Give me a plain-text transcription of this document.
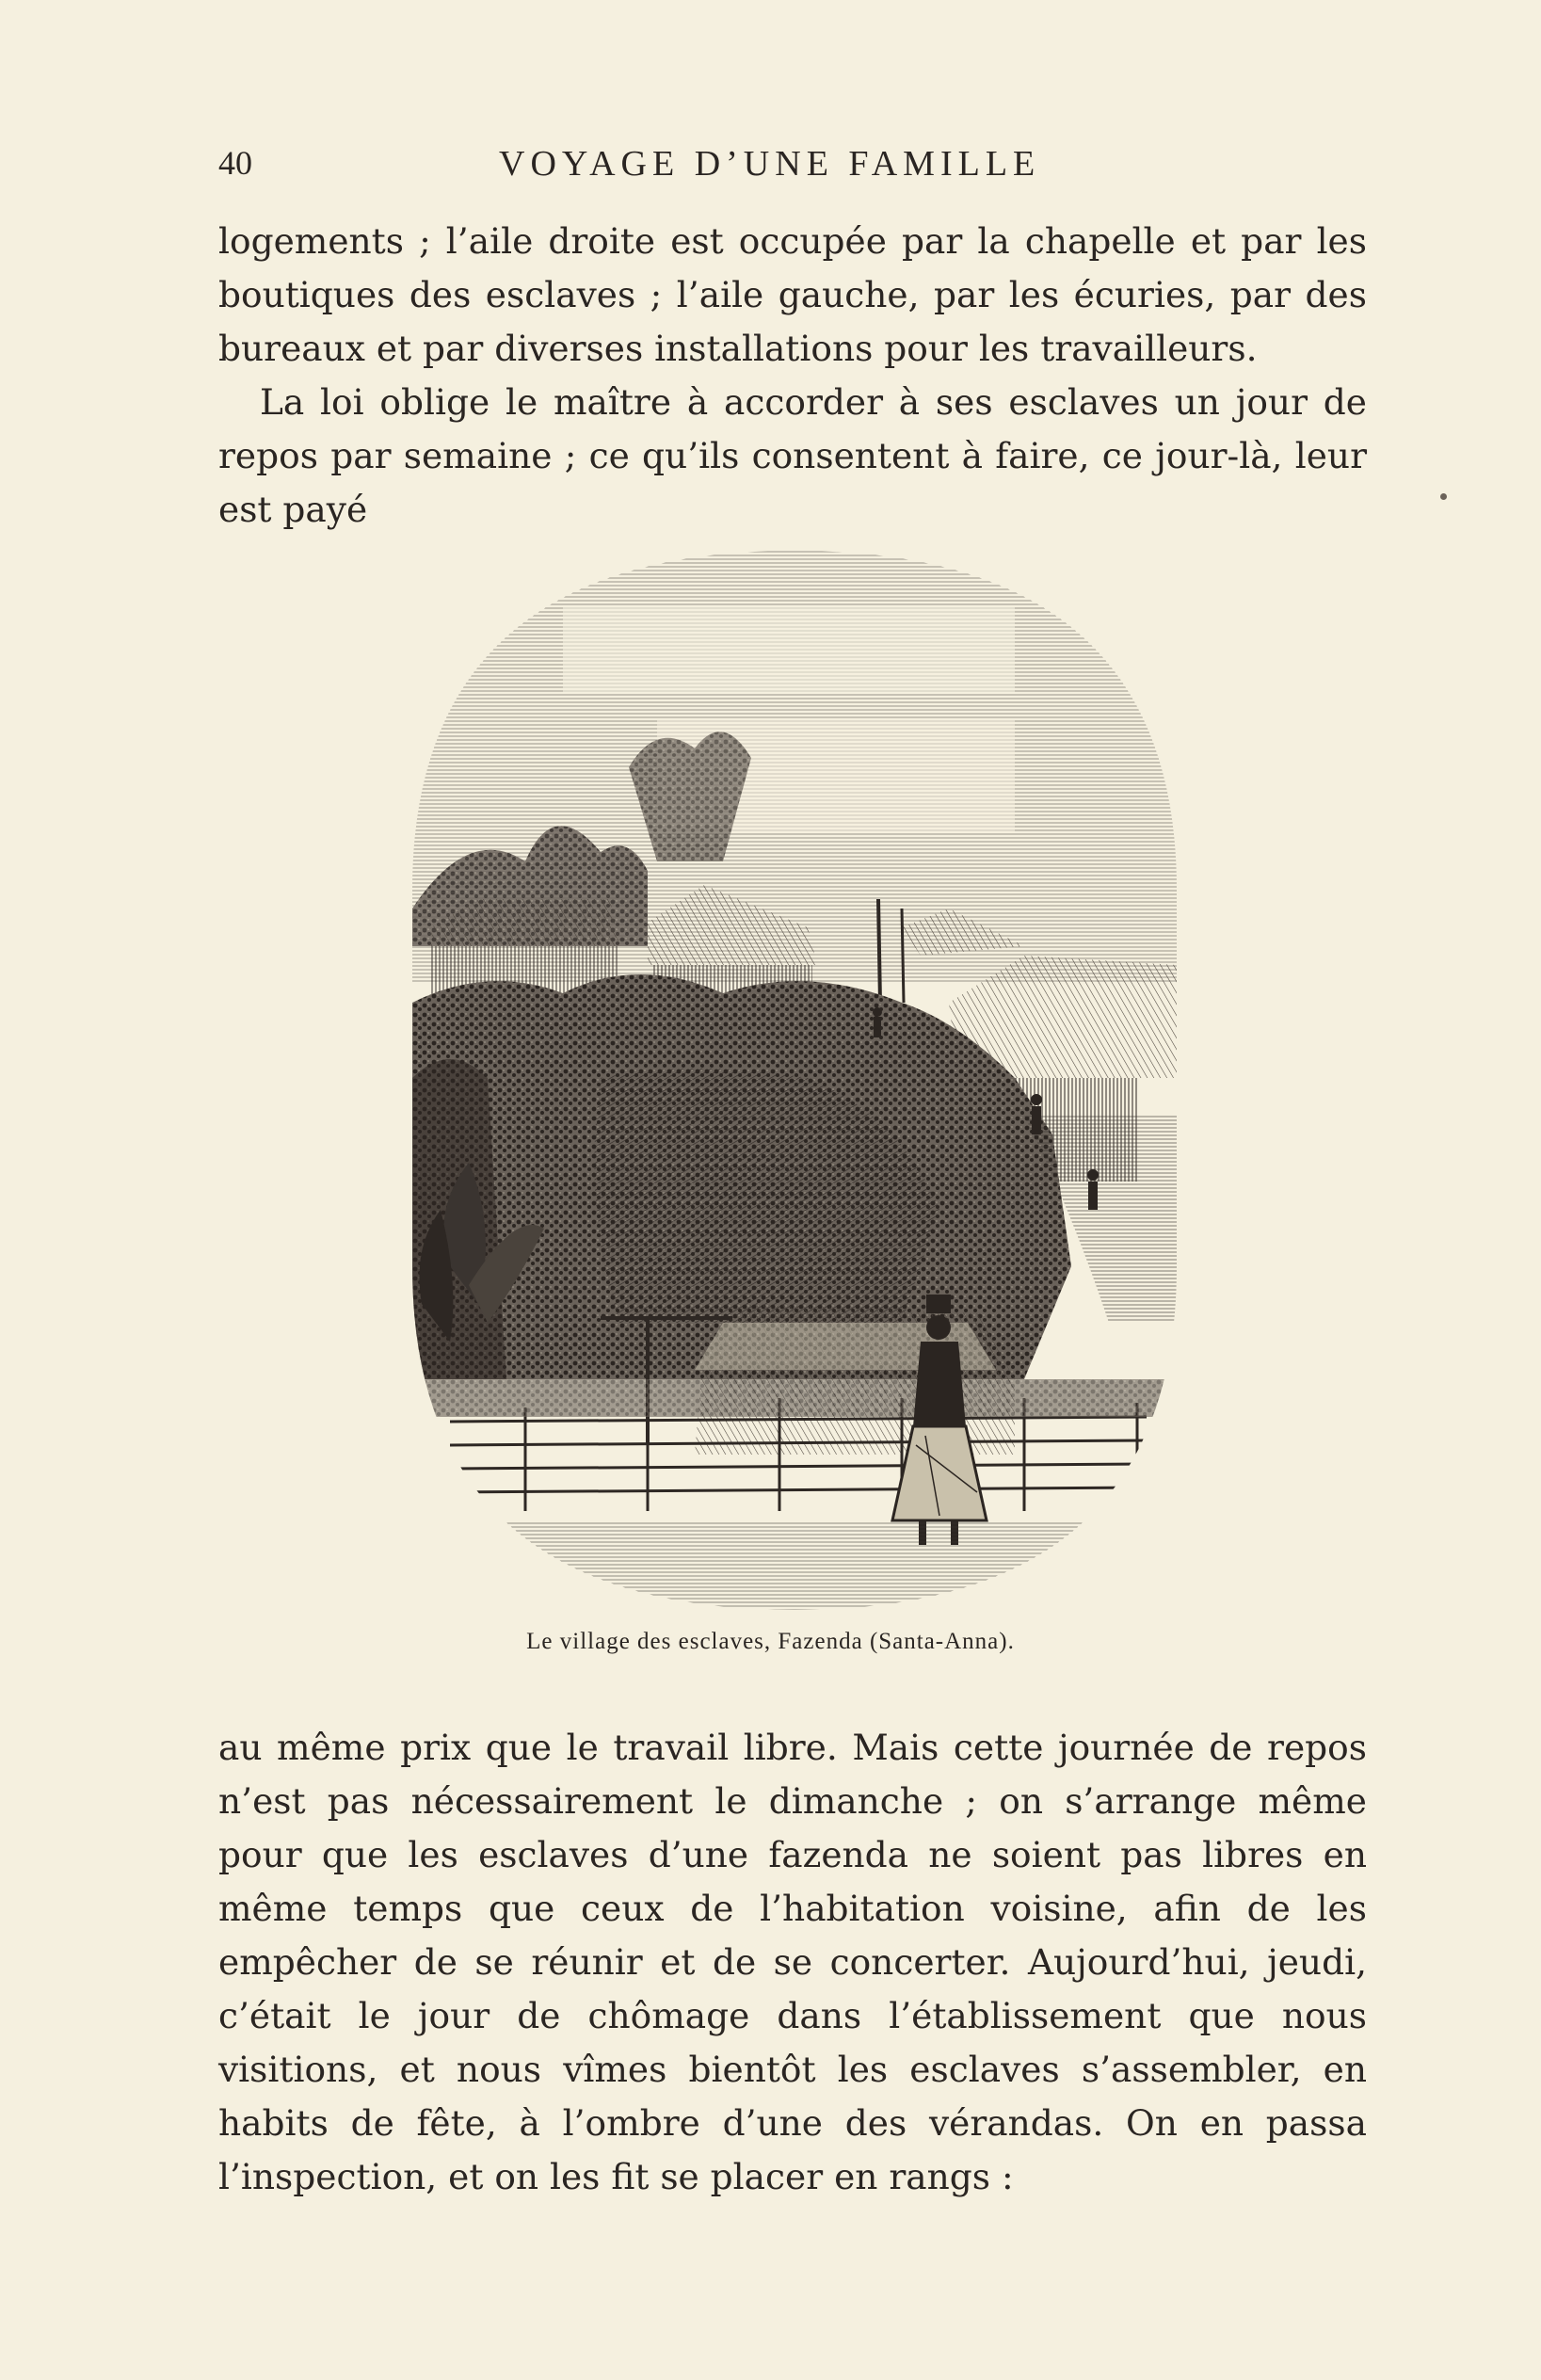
40	VOYAGE D’UNE FAMILLE

logements ; l’aile droite est occupée par la chapelle et par les boutiques des esclaves ; l’aile gauche, par les écuries, par des bureaux et par diverses installations pour les travailleurs.

La loi oblige le maître à accorder à ses esclaves un jour de repos par semaine ; ce qu’ils consentent à faire, ce jour-là, leur est payé

Le village des esclaves, Fazenda (Santa-Anna).

au même prix que le travail libre. Mais cette journée de repos n’est pas nécessairement le dimanche ; on s’arrange même pour que les esclaves d’une fazenda ne soient pas libres en même temps que ceux de l’habitation voisine, afin de les empêcher de se réunir et de se concerter. Aujourd’hui, jeudi, c’était le jour de chômage dans l’établissement que nous visitions, et nous vîmes bientôt les esclaves s’assembler, en habits de fête, à l’ombre d’une des vérandas. On en passa l’inspection, et on les fit se placer en rangs :
